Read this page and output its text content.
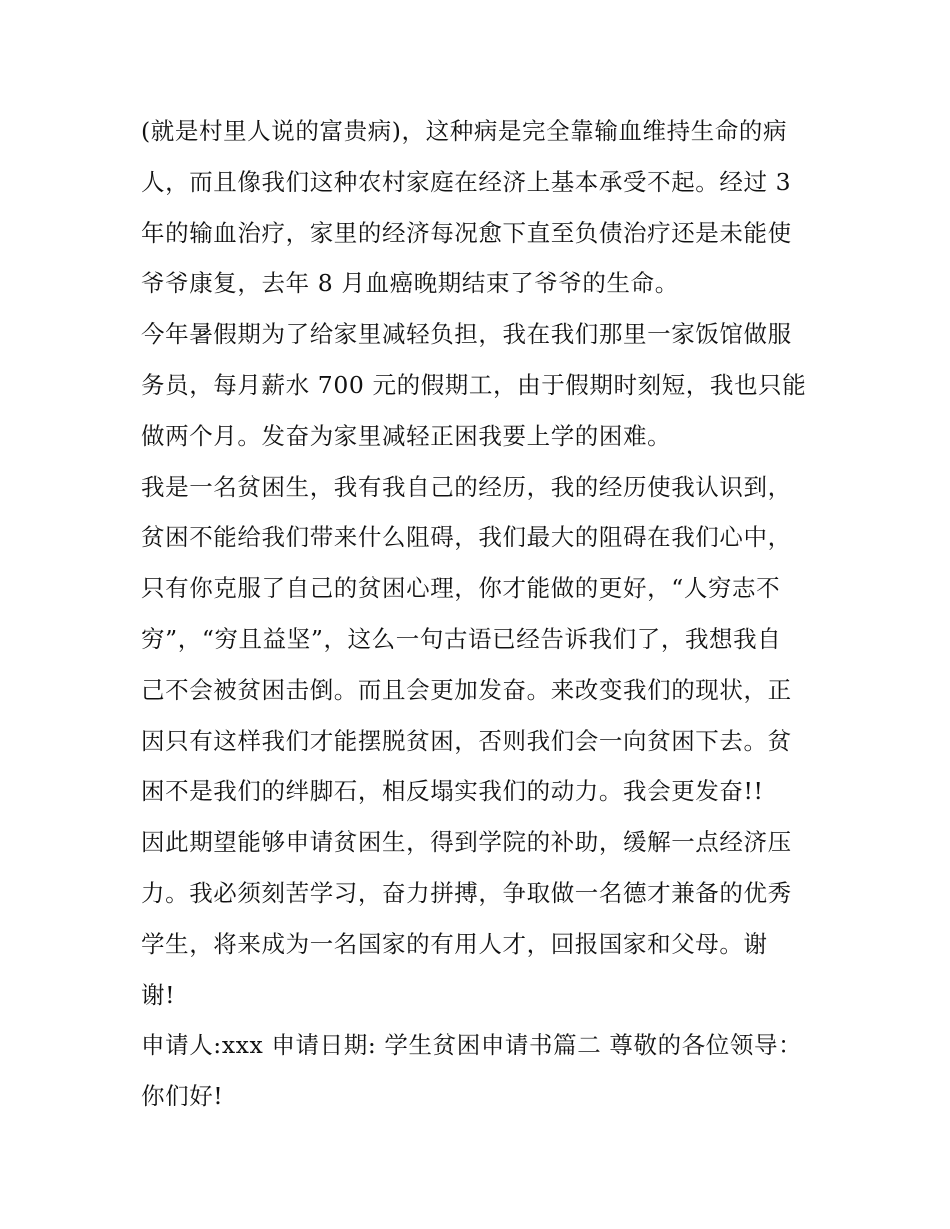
(就是村里人说的富贵病)，这种病是完全靠输血维持生命的病
人，而且像我们这种农村家庭在经济上基本承受不起。经过 3
年的输血治疗，家里的经济每况愈下直至负债治疗还是未能使
爷爷康复，去年 8 月血癌晚期结束了爷爷的生命。
今年暑假期为了给家里减轻负担，我在我们那里一家饭馆做服
务员，每月薪水 700 元的假期工，由于假期时刻短，我也只能
做两个月。发奋为家里减轻正困我要上学的困难。
我是一名贫困生，我有我自己的经历，我的经历使我认识到，
贫困不能给我们带来什么阻碍，我们最大的阻碍在我们心中，
只有你克服了自己的贫困心理，你才能做的更好，“人穷志不
穷”，“穷且益坚”，这么一句古语已经告诉我们了，我想我自
己不会被贫困击倒。而且会更加发奋。来改变我们的现状，正
因只有这样我们才能摆脱贫困，否则我们会一向贫困下去。贫
困不是我们的绊脚石，相反塌实我们的动力。我会更发奋!!
因此期望能够申请贫困生，得到学院的补助，缓解一点经济压
力。我必须刻苦学习，奋力拼搏，争取做一名德才兼备的优秀
学生，将来成为一名国家的有用人才，回报国家和父母。谢
谢!
申请人:xxx 申请日期: 学生贫困申请书篇二 尊敬的各位领导：
你们好!
